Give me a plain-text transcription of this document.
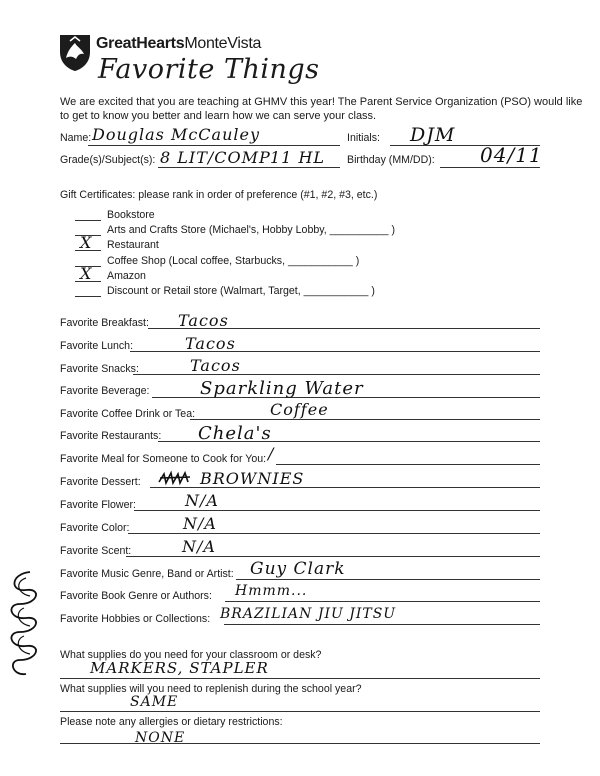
GreatHeartsMonteVista
Favorite Things
We are excited that you are teaching at GHMV this year! The Parent Service Organization (PSO) would like
to get to know you better and learn how we can serve your class.
Name: Douglas McCauley	Initials: DJM
Grade(s)/Subject(s): 8 LIT/COMP 11 HL Birthday (MM/DD): 04/11
Gift Certificates: please rank in order of preference (#1, #2, #3, etc.)
Bookstore
Arts and Crafts Store (Michael's, Hobby Lobby, __________ )
X Restaurant
Coffee Shop (Local coffee, Starbucks, ___________ )
X Amazon
Discount or Retail store (Walmart, Target, ___________ )
Favorite Breakfast: Tacos
Favorite Lunch:	Tacos
Favorite Snacks:	Tacos
Favorite Beverage:	Sparkling Water
Favorite Coffee Drink or Tea:	Coffee
Favorite Restaurants: Chela's
Favorite Meal for Someone to Cook for You: /
Favorite Dessert:	BROWNIES
Favorite Flower:	N/A
Favorite Color:	N/A
Favorite Scent:	N/A
Favorite Music Genre, Band or Artist: Guy Clark
Favorite Book Genre or Authors: Hmmm...
Favorite Hobbies or Collections: BRAZILIAN JIU JITSU
What supplies do you need for your classroom or desk?
MARKERS, STAPLER
What supplies will you need to replenish during the school year?
SAME
Please note any allergies or dietary restrictions:
NONE
